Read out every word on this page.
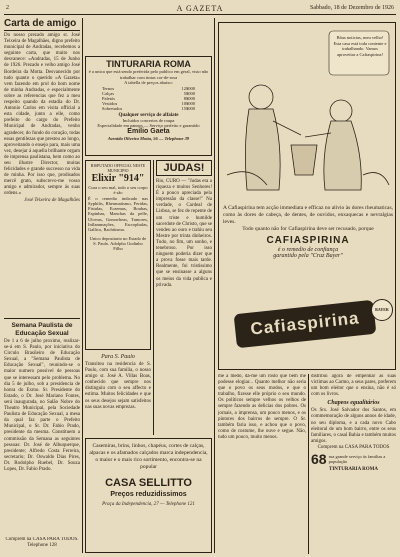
2	A GAZETA	Sabbado, 18 de Dezembro de 1926
Carta de amigo

Do nosso prezado amigo sr. José Teixeira de Magalhães, digno prefeito municipal de Andradas, recebemos a seguinte carta, que muito nos desvanece: «Andradas, 15 de Junho de 1926. Prezado e velho amigo José Bordeira da Motta. Desvanecido por tudo quanto o querido «A Gazeta» vem fazendo em prol do bom nome de minha Andradas, e especialmente sobre as referencias que fez a meu respeito quando da estadia do Dr. Antonio Carlos em visita official a esta cidade, junto a elle, como prefeito do cargo do Prefeito Municipal de Andradas, venho agradecer, do fundo do coração, todas essas gentilezas que prestou ao longo, aproveitando o ensejo para, mais uma vez, desejar á aquella brilhante orgam de imprensa paulistana, bem como ao seu illustre Director, muitas felicidades e grande successo na vida de minha. Por isso que, prodisados mercê grato, subscrevo-me vosso amigo e admirador, sempre ás suas ordens.»

José Teixeira de Magalhães

Semana Paulista de Educação Sexual

De 1 a 6 de julho proximo, realizar-se-á em S. Paulo, por iniciativa do Circulo Brasileiro de Educação Sexual, a "Semana Paulista de Educação Sexual", reunindo-se o maior numero possivel de pessoas que se interessam pelo problema. No dia 5 de julho, sob a presidencia de honra do Exmo. Sr. Presidente do Estado, o Dr. José Mariano Fontes, será inaugurada, no Salão Nobre do Theatro Municipal, pela Sociedade Paulista de Educação Sexual, a mesa da qual faz parte o Prefeito Municipal, o Sr. Dr. Fabio Prado, presidente da mesma. Constituem a commissão da Semana as seguintes pessoas: Dr. José de Albuquerque, presidente; Alfredo Costa Ferreira, secretario; Dr. Oswaldo Dias Pires, Dr. Rodolpho Ruebel, Dr. Souza Lopes, Dr. Fabio Prado.

Comprem na CASA PARA TODOS. Telephone 128

TINTURARIA ROMA

é a unica que está sendo preferida pelo publico em geral, visto não trabalhar com tintas cor-de-rosa

A tabella de preços abaixo:

Ternos	12$000
Calças	5$000
Paletós	8$000
Vestidos	10$000
Sobretudos	15$000
Qualquer serviço de alfaiate
Incluidos concertos de roupa
Especialidade em pannos — Serviço perfeito e garantido
Emilio Gaeta
Avenida Oliveira Motta, 56 — Telephone 39
BISPUTADO OFFICIAL NESTE MUNICIPIO
Elixir "914"

Cura o seu mal, todo o seu corpo é são

É o remedio indicado nas Syphilis, Rheumatismo, Feridas, Fistulas, Eczemas, Boubas, Espinhas, Manchas da pelle, Ulceras, Gonorrheas, Tumores, Inflammações, Escrophulas, Gallico, Rachitismo.

Unico depositario no Estado de S. Paulo. Adolpho Godinho Filho

Para S. Paulo

Transitou na residencia de S. Paulo, com sua familia, o nosso amigo sr. José A. Villas Boas, conhecido que sempre nos distinguiu com o seu affecto e estima. Muitos felicidades e que os seus desejos sejam satisfeitos nas suas novas emprezas.

JUDAS!

Rio, CURO — "Judas era a riqueza e muitos Senhores! É a pouco apreciada pela impressão da classe!" Na verdade, o Cardeal de Lisboa, se fez de repente de um triste e humilde sacerdote de Christo, que se vendeu ao ouro e trahiu seu Mestre por trinta dinheiros. Tudo, no fim, um sonho, e tenebroso. Por isso ninguem poderia dizer que a prova fosse mais tarde. Realmente, foi tristíssimo que se ensinasse a alguns os meios da vida publica e privada.

Casemiras, brins, linhos, chapéus, cortes de calças, alpacas e os afamados calçados marca independencia, o maior e o mais rico sortimento, encontra-se na popular

CASA SELLITTO
Preços reduzidissimos
Praça da Independencia, 27 — Telephone 121
Bôas noticias, meu velho! Esta casa está toda contente e trabalhando. Vamos aproveitar a Cafiaspirina!

A Cafiaspirina tem acção immediata e efficaz no alivio às dores rheumaticas, como às dores de cabeça, de dentes, de ouvidos, enxaquecas e nevralgias leves.

Todo quanto não for Cafiaspirina deve ser recusado, porque

CAFIASPIRINA
é o remedio de confiança
garantido pela "Cruz Bayer"
Cafiaspirina	BAYER

me a medo, dá-me um rosto que bem me podesse elogiar... Quanto melhor não seria que o povo os seus modos, e que o trabalho, fizesse elle próprio o seu mundo. Os políticos sempre velhos os velhos de sempre fazendo as delicias dos pobres. Os jornais, a imprensa, um pouco menos, e os pintores dos bairros de sempre. O Sr. também faria isso, e achou que o povo, como de costume, lhe ouve e segue. Não, tudo um pouco, muito menos.

distribui agora de empenhar as suas victimas ao Carmo, a seus pares, preferem um bom eleitor que o ensina, não é só com os livros.

Chapeos egualitários

Os Srs. José Salvador dos Santos, em commemoração de alguns annos de idade, no seu diploma, e a cada novo Cabo eleitoral de um bom bairro, entre os seus familiares, o casal Bahia e também muitos amigos.

Comprem na CASA PARA TODOS

68 rua grande serviço ás familias a população
TINTURARIA ROMA
